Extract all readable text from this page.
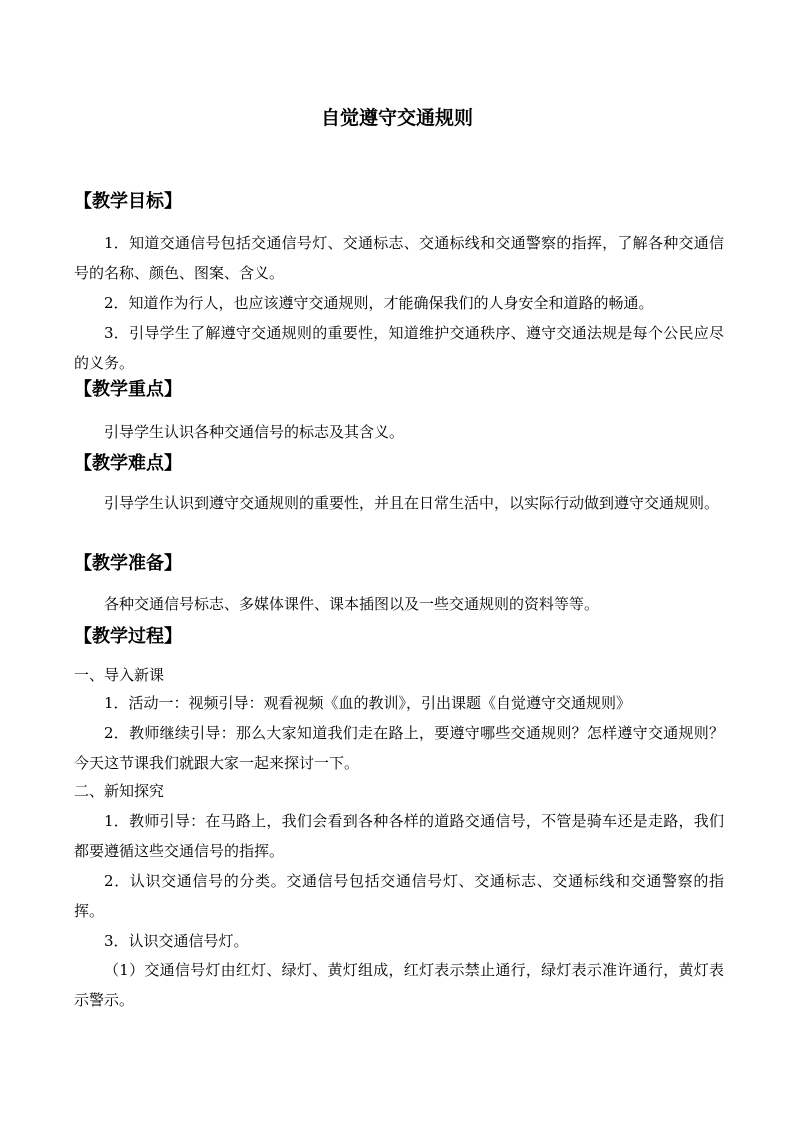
自觉遵守交通规则
【教学目标】
1．知道交通信号包括交通信号灯、交通标志、交通标线和交通警察的指挥，了解各种交通信号的名称、颜色、图案、含义。
2．知道作为行人，也应该遵守交通规则，才能确保我们的人身安全和道路的畅通。
3．引导学生了解遵守交通规则的重要性，知道维护交通秩序、遵守交通法规是每个公民应尽的义务。
【教学重点】
引导学生认识各种交通信号的标志及其含义。
【教学难点】
引导学生认识到遵守交通规则的重要性，并且在日常生活中，以实际行动做到遵守交通规则。
【教学准备】
各种交通信号标志、多媒体课件、课本插图以及一些交通规则的资料等等。
【教学过程】
一、导入新课
1．活动一：视频引导：观看视频《血的教训》，引出课题《自觉遵守交通规则》
2．教师继续引导：那么大家知道我们走在路上，要遵守哪些交通规则？怎样遵守交通规则？今天这节课我们就跟大家一起来探讨一下。
二、新知探究
1．教师引导：在马路上，我们会看到各种各样的道路交通信号，不管是骑车还是走路，我们都要遵循这些交通信号的指挥。
2．认识交通信号的分类。交通信号包括交通信号灯、交通标志、交通标线和交通警察的指挥。
3．认识交通信号灯。
（1）交通信号灯由红灯、绿灯、黄灯组成，红灯表示禁止通行，绿灯表示准许通行，黄灯表示警示。
